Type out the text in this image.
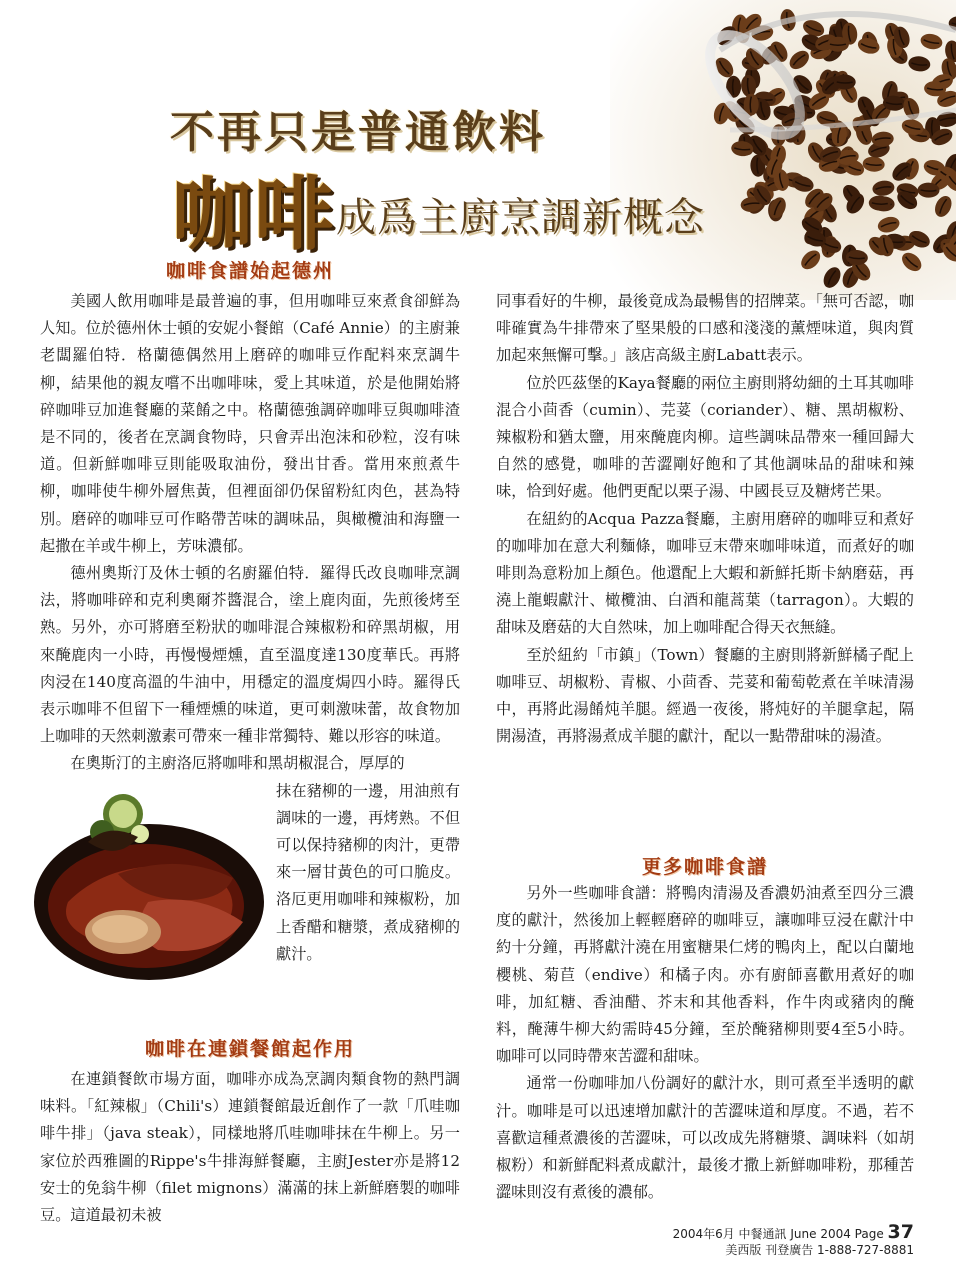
不再只是普通飲料
咖啡 成爲主廚烹調新概念
咖啡食譜始起德州

美國人飲用咖啡是最普遍的事，但用咖啡豆來煮食卻鮮為人知。位於德州休士頓的安妮小餐館（Café Annie）的主廚兼老闆羅伯特．格蘭德偶然用上磨碎的咖啡豆作配料來烹調牛柳，結果他的親友嚐不出咖啡味，愛上其味道，於是他開始將碎咖啡豆加進餐廳的菜餚之中。格蘭德強調碎咖啡豆與咖啡渣是不同的，後者在烹調食物時，只會弄出泡沫和砂粒，沒有味道。但新鮮咖啡豆則能吸取油份，發出甘香。當用來煎煮牛柳，咖啡使牛柳外層焦黃，但裡面卻仍保留粉紅肉色，甚為特別。磨碎的咖啡豆可作略帶苦味的調味品，與橄欖油和海鹽一起撒在羊或牛柳上，芳味濃郁。

德州奧斯汀及休士頓的名廚羅伯特．羅得氏改良咖啡烹調法，將咖啡碎和克利奧爾芥醬混合，塗上鹿肉面，先煎後烤至熟。另外，亦可將磨至粉狀的咖啡混合辣椒粉和碎黑胡椒，用來醃鹿肉一小時，再慢慢煙燻，直至溫度達130度華氏。再將肉浸在140度高溫的牛油中，用穩定的溫度焗四小時。羅得氏表示咖啡不但留下一種煙燻的味道，更可刺激味蕾，故食物加上咖啡的天然刺激素可帶來一種非常獨特、難以形容的味道。

在奧斯汀的主廚洛厄將咖啡和黑胡椒混合，厚厚的

抹在豬柳的一邊，用油煎有調味的一邊，再烤熟。不但可以保持豬柳的肉汁，更帶來一層甘黃色的可口脆皮。洛厄更用咖啡和辣椒粉，加上香醋和糖漿，煮成豬柳的獻汁。

咖啡在連鎖餐館起作用

在連鎖餐飲市場方面，咖啡亦成為烹調肉類食物的熱門調味料。「紅辣椒」（Chili's）連鎖餐館最近創作了一款「爪哇咖啡牛排」（java steak），同樣地將爪哇咖啡抹在牛柳上。另一家位於西雅圖的Rippe's牛排海鮮餐廳，主廚Jester亦是將12安士的免翁牛柳（filet mignons）滿滿的抹上新鮮磨製的咖啡豆。這道最初未被

同事看好的牛柳，最後竟成為最暢售的招牌菜。「無可否認，咖啡確實為牛排帶來了堅果般的口感和淺淺的薰煙味道，與肉質加起來無懈可擊。」該店高級主廚Labatt表示。

位於匹茲堡的Kaya餐廳的兩位主廚則將幼細的土耳其咖啡混合小茴香（cumin）、芫荽（coriander）、糖、黑胡椒粉、辣椒粉和猶太鹽，用來醃鹿肉柳。這些調味品帶來一種回歸大自然的感覺，咖啡的苦澀剛好飽和了其他調味品的甜味和辣味，恰到好處。他們更配以栗子湯、中國長豆及糖烤芒果。

在紐約的Acqua Pazza餐廳，主廚用磨碎的咖啡豆和煮好的咖啡加在意大利麵條，咖啡豆末帶來咖啡味道，而煮好的咖啡則為意粉加上顏色。他還配上大蝦和新鮮托斯卡納磨菇，再澆上龍蝦獻汁、橄欖油、白酒和龍蒿葉（tarragon）。大蝦的甜味及磨菇的大自然味，加上咖啡配合得天衣無縫。

至於紐約「市鎮」（Town）餐廳的主廚則將新鮮橘子配上咖啡豆、胡椒粉、青椒、小茴香、芫荽和葡萄乾煮在羊味清湯中，再將此湯餚炖羊腿。經過一夜後，將炖好的羊腿拿起，隔開湯渣，再將湯煮成羊腿的獻汁，配以一點帶甜味的湯渣。

更多咖啡食譜

另外一些咖啡食譜：將鴨肉清湯及香濃奶油煮至四分三濃度的獻汁，然後加上輕輕磨碎的咖啡豆，讓咖啡豆浸在獻汁中約十分鐘，再將獻汁澆在用蜜糖果仁烤的鴨肉上，配以白蘭地櫻桃、菊苣（endive）和橘子肉。亦有廚師喜歡用煮好的咖啡，加紅糖、香油醋、芥末和其他香料，作牛肉或豬肉的醃料，醃薄牛柳大約需時45分鐘，至於醃豬柳則要4至5小時。咖啡可以同時帶來苦澀和甜味。

通常一份咖啡加八份調好的獻汁水，則可煮至半透明的獻汁。咖啡是可以迅速增加獻汁的苦澀味道和厚度。不過，若不喜歡這種煮濃後的苦澀味，可以改成先將糖漿、調味料（如胡椒粉）和新鮮配料煮成獻汁，最後才撒上新鮮咖啡粉，那種苦澀味則沒有煮後的濃郁。

2004年6月 中餐通訊 June 2004 Page 37
美西版 刊登廣告 1-888-727-8881
